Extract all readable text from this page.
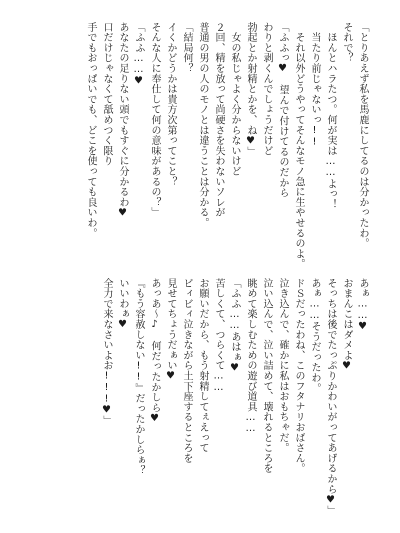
「とりあえず私を馬鹿にしてるのは分かったわ。
それで？
　ほんとハラたつ。何が実は……よっ！
　当たり前じゃないっ!!
　それ以外どうやってそんなモノ急に生やせるのよ。
「ふふっ♥　望んで付けてるのだから
わりと剥くんでしょうだけど
勃起とか射精とかを、ね♥」
　女の私じゃよく分からないけど
２回、精を放って尚硬さを失わないソレが
普通の男の人のモノとは違うことは分かる。
「結局何？
イくかどうかは貴方次第ってこと？
そんな人に奉仕して何の意味があるの？」
「ふふ……♥
あなたの足りない頭でもすぐに分かるわ♥
口だけじゃなくて舐めつく限り
手でもおっぱいでも、どこを使っても良いわ。
あぁ……♥
おまんこはダメよ♥
そっちは後でたっぷりかわいがってあげるから♥」
あぁ……そうだったわ。
ドＳだったわね、このフタナリおばさん。
泣き込んで、確かに私はおもちゃだ。
泣い込んで、泣い詰めて、壊れるところを
眺めて楽しむための遊び道具……
「ふふ……あはぁ♥
苦しくて、つらくて……
お願いだから、もう射精してぇえって
ビィビィ泣きながら土下座するところを
見せてちょうだぁい♥
あっあ～♪　何だったかしら♥
『もう容赦しない!!』だったかしらぁ？
いいわぁ♥
全力で来なさいよお!!!♥」
